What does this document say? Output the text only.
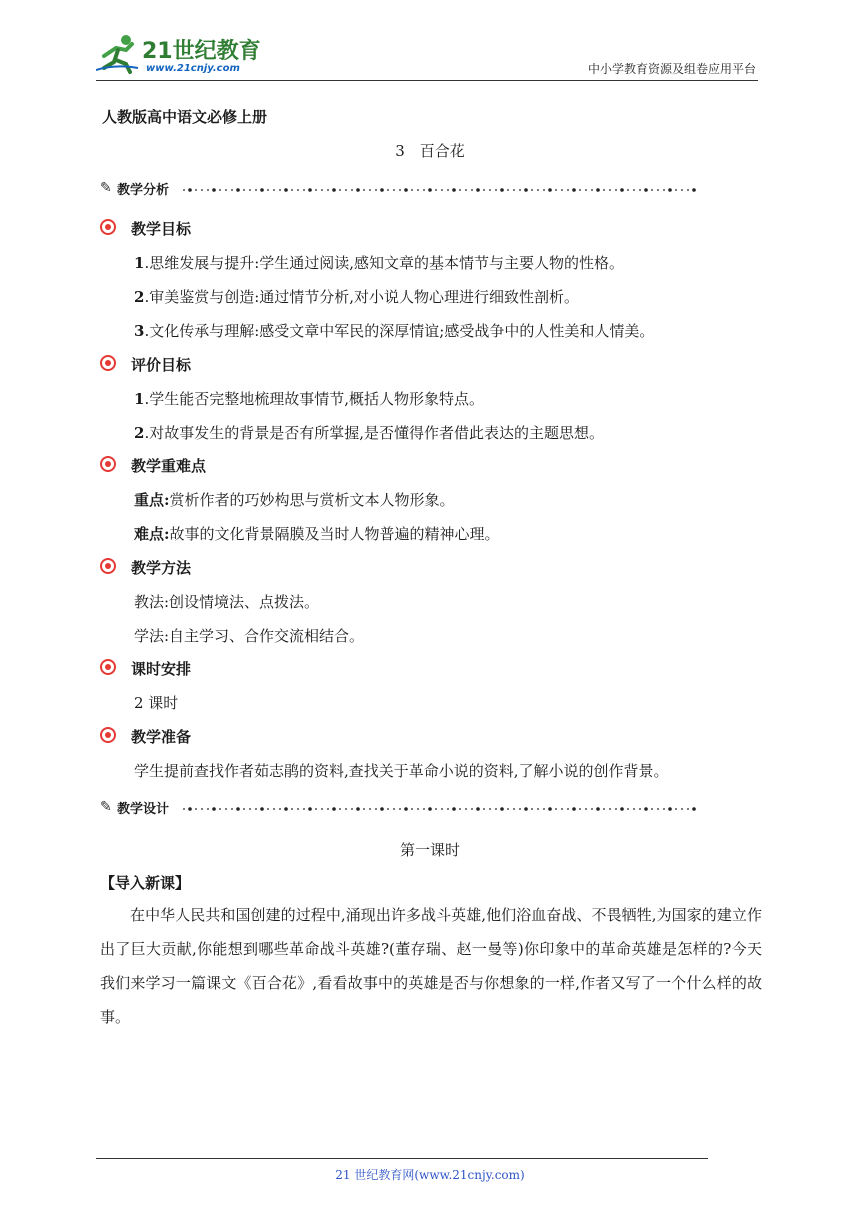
21世纪教育
www.21cnjy.com	中小学教育资源及组卷应用平台
人教版高中语文必修上册
3　百合花
✎ 教学分析
教学目标
1.思维发展与提升:学生通过阅读,感知文章的基本情节与主要人物的性格。
2.审美鉴赏与创造:通过情节分析,对小说人物心理进行细致性剖析。
3.文化传承与理解:感受文章中军民的深厚情谊;感受战争中的人性美和人情美。
评价目标
1.学生能否完整地梳理故事情节,概括人物形象特点。
2.对故事发生的背景是否有所掌握,是否懂得作者借此表达的主题思想。
教学重难点
重点:赏析作者的巧妙构思与赏析文本人物形象。
难点:故事的文化背景隔膜及当时人物普遍的精神心理。
教学方法
教法:创设情境法、点拨法。
学法:自主学习、合作交流相结合。
课时安排
2 课时
教学准备
学生提前查找作者茹志鹃的资料,查找关于革命小说的资料,了解小说的创作背景。
✎ 教学设计
第一课时
【导入新课】
在中华人民共和国创建的过程中,涌现出许多战斗英雄,他们浴血奋战、不畏牺牲,为国家的建立作出了巨大贡献,你能想到哪些革命战斗英雄?(董存瑞、赵一曼等)你印象中的革命英雄是怎样的?今天我们来学习一篇课文《百合花》,看看故事中的英雄是否与你想象的一样,作者又写了一个什么样的故事。
21 世纪教育网(www.21cnjy.com)
